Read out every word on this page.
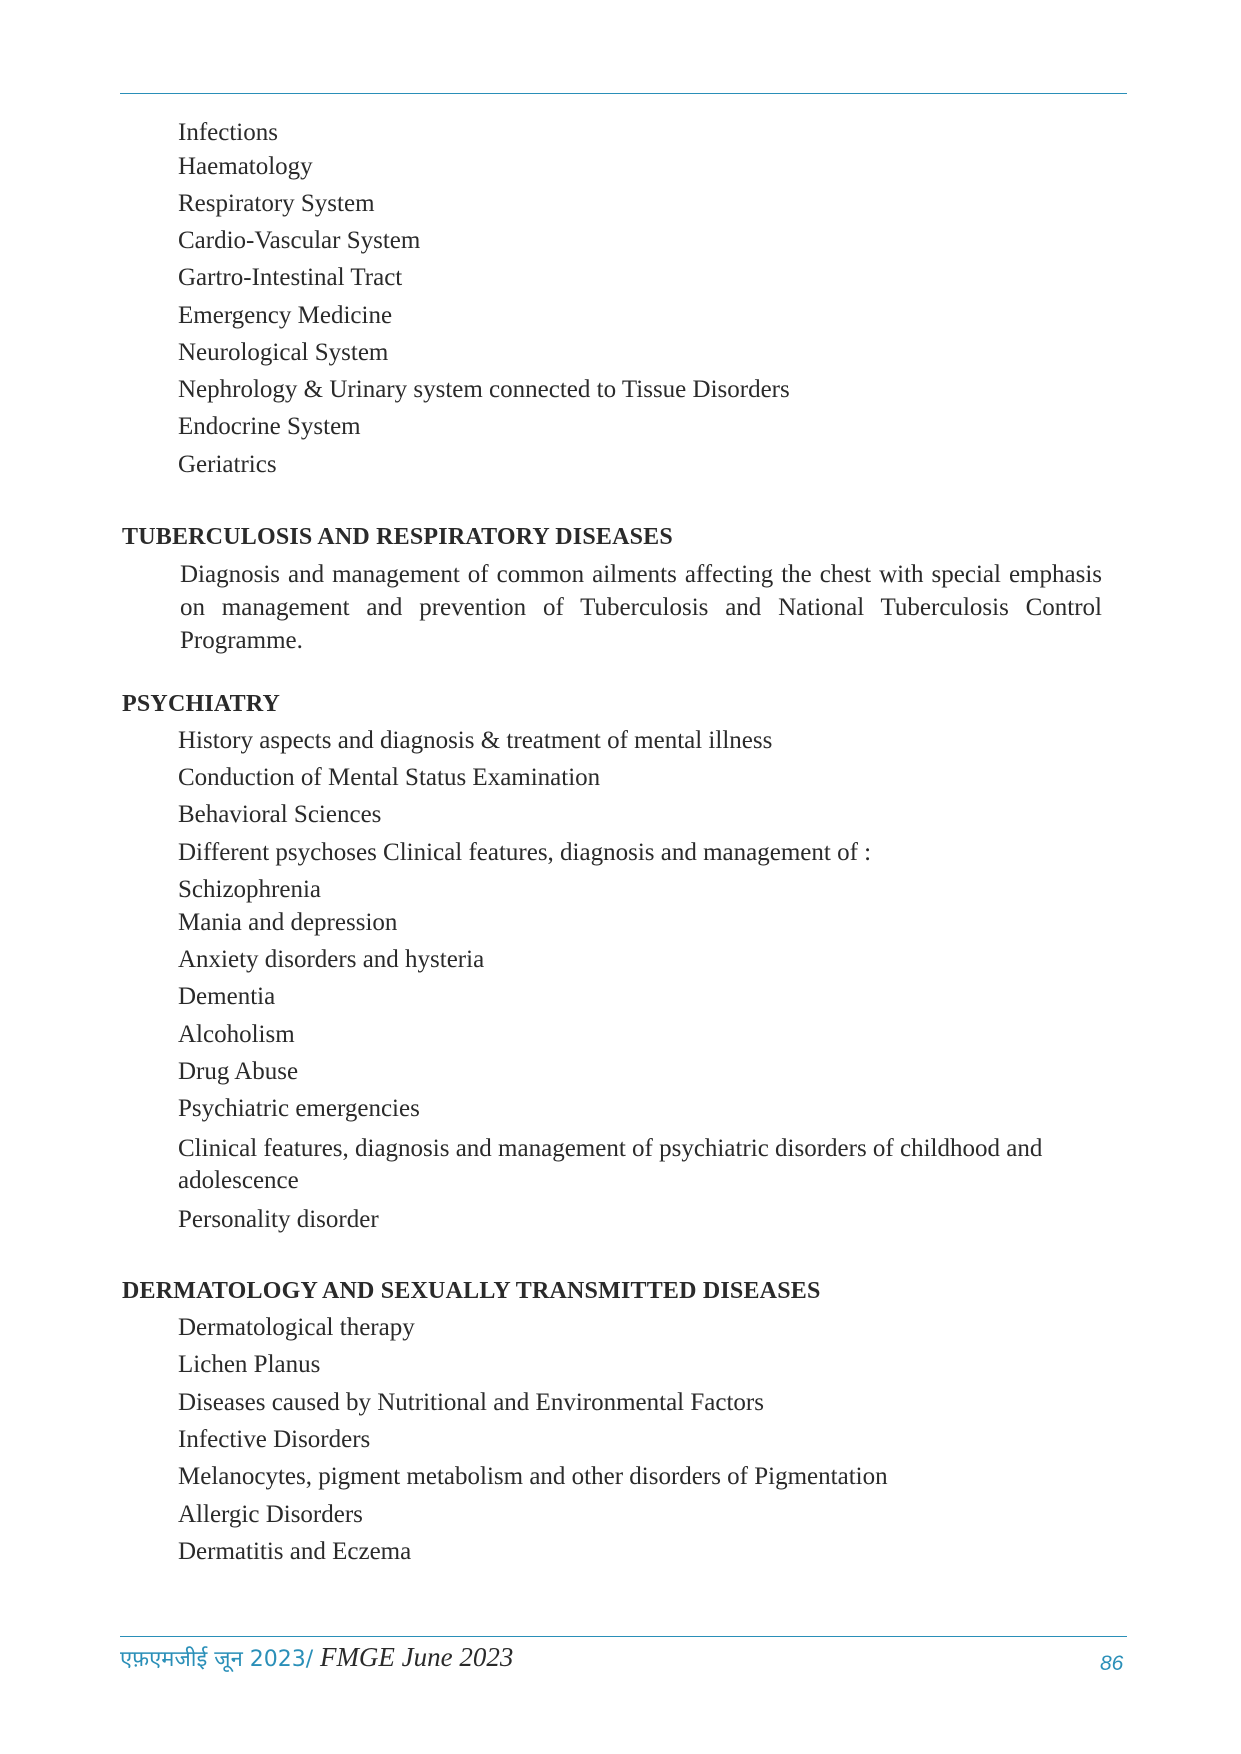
Infections
Haematology
Respiratory System
Cardio-Vascular System
Gartro-Intestinal Tract
Emergency Medicine
Neurological System
Nephrology & Urinary system connected to Tissue Disorders
Endocrine System
Geriatrics
TUBERCULOSIS AND RESPIRATORY DISEASES
Diagnosis and management of common ailments affecting the chest with special emphasis on management and prevention of Tuberculosis and National Tuberculosis Control Programme.
PSYCHIATRY
History aspects and diagnosis & treatment of mental illness
Conduction of Mental Status Examination
Behavioral Sciences
Different psychoses Clinical features, diagnosis and management of :
Schizophrenia
Mania and depression
Anxiety disorders and hysteria
Dementia
Alcoholism
Drug Abuse
Psychiatric emergencies
Clinical features, diagnosis and management of psychiatric disorders of childhood and adolescence
Personality disorder
DERMATOLOGY AND SEXUALLY TRANSMITTED DISEASES
Dermatological therapy
Lichen Planus
Diseases caused by Nutritional and Environmental Factors
Infective Disorders
Melanocytes, pigment metabolism and other disorders of Pigmentation
Allergic Disorders
Dermatitis and Eczema
एफ़एमजीई जून 2023/ FMGE June 2023	86
